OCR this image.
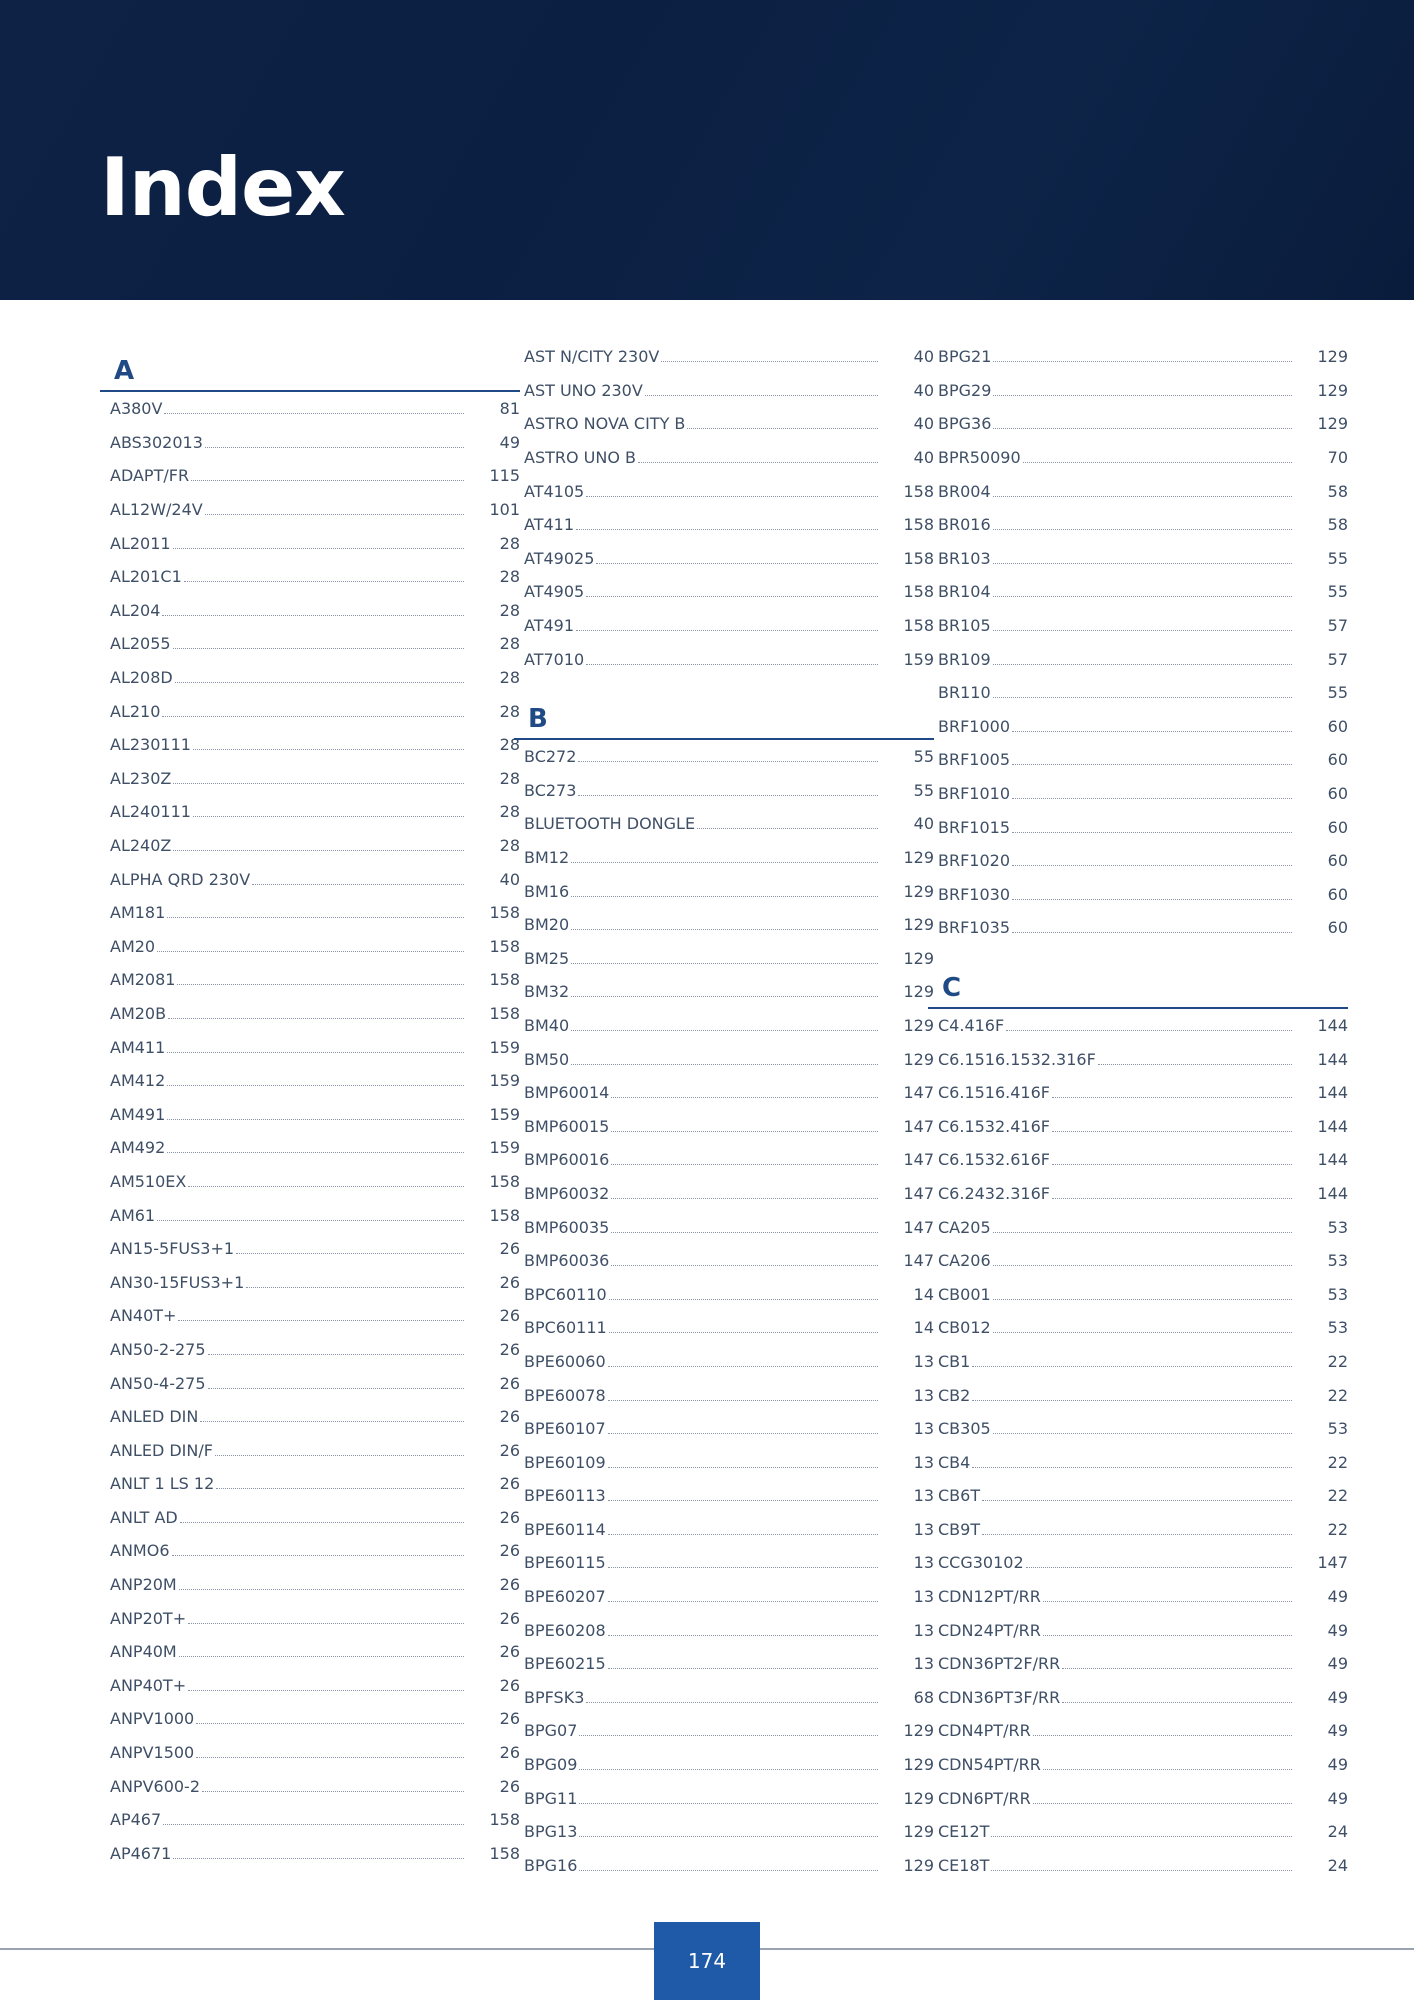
Index
A
A380V	81
ABS302013	49
ADAPT/FR	115
AL12W/24V	101
AL2011	28
AL201C1	28
AL204	28
AL2055	28
AL208D	28
AL210	28
AL230111	28
AL230Z	28
AL240111	28
AL240Z	28
ALPHA QRD 230V	40
AM181	158
AM20	158
AM2081	158
AM20B	158
AM411	159
AM412	159
AM491	159
AM492	159
AM510EX	158
AM61	158
AN15-5FUS3+1	26
AN30-15FUS3+1	26
AN40T+	26
AN50-2-275	26
AN50-4-275	26
ANLED DIN	26
ANLED DIN/F	26
ANLT 1 LS 12	26
ANLT AD	26
ANMO6	26
ANP20M	26
ANP20T+	26
ANP40M	26
ANP40T+	26
ANPV1000	26
ANPV1500	26
ANPV600-2	26
AP467	158
AP4671	158
AST N/CITY 230V	40
AST UNO 230V	40
ASTRO NOVA CITY B	40
ASTRO UNO B	40
AT4105	158
AT411	158
AT49025	158
AT4905	158
AT491	158
AT7010	159
B
BC272	55
BC273	55
BLUETOOTH DONGLE	40
BM12	129
BM16	129
BM20	129
BM25	129
BM32	129
BM40	129
BM50	129
BMP60014	147
BMP60015	147
BMP60016	147
BMP60032	147
BMP60035	147
BMP60036	147
BPC60110	14
BPC60111	14
BPE60060	13
BPE60078	13
BPE60107	13
BPE60109	13
BPE60113	13
BPE60114	13
BPE60115	13
BPE60207	13
BPE60208	13
BPE60215	13
BPFSK3	68
BPG07	129
BPG09	129
BPG11	129
BPG13	129
BPG16	129
BPG21	129
BPG29	129
BPG36	129
BPR50090	70
BR004	58
BR016	58
BR103	55
BR104	55
BR105	57
BR109	57
BR110	55
BRF1000	60
BRF1005	60
BRF1010	60
BRF1015	60
BRF1020	60
BRF1030	60
BRF1035	60
C
C4.416F	144
C6.1516.1532.316F	144
C6.1516.416F	144
C6.1532.416F	144
C6.1532.616F	144
C6.2432.316F	144
CA205	53
CA206	53
CB001	53
CB012	53
CB1	22
CB2	22
CB305	53
CB4	22
CB6T	22
CB9T	22
CCG30102	147
CDN12PT/RR	49
CDN24PT/RR	49
CDN36PT2F/RR	49
CDN36PT3F/RR	49
CDN4PT/RR	49
CDN54PT/RR	49
CDN6PT/RR	49
CE12T	24
CE18T	24
174
